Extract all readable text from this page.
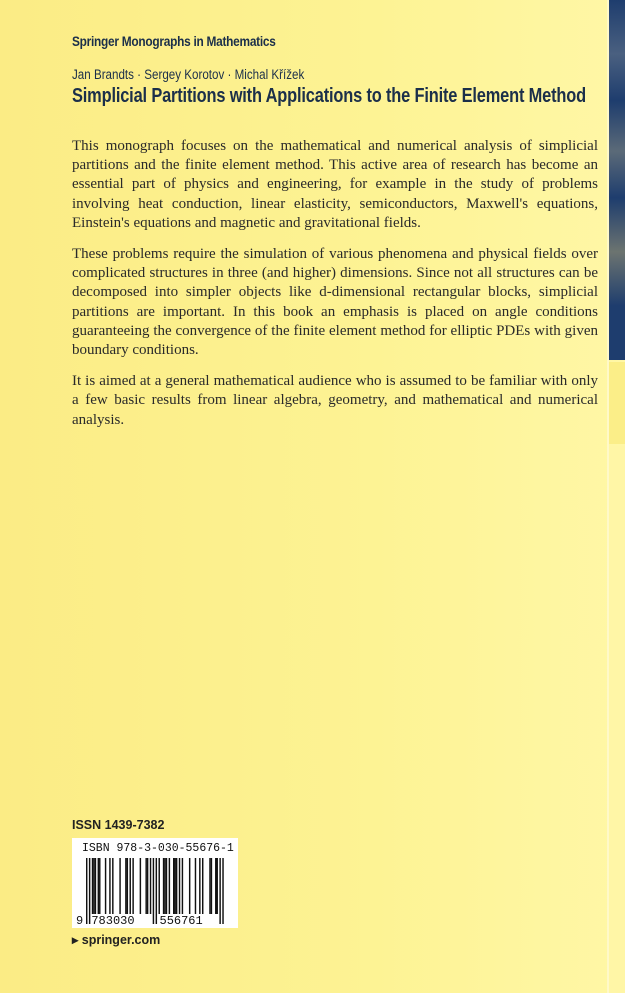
Springer Monographs in Mathematics
Jan Brandts · Sergey Korotov · Michal Křížek
Simplicial Partitions with Applications to the Finite Element Method

This monograph focuses on the mathematical and numerical analysis of simplicial partitions and the finite element method. This active area of research has become an essential part of physics and engineering, for example in the study of problems involving heat conduction, linear elasticity, semiconductors, Maxwell's equations, Einstein's equations and magnetic and gravitational fields.

These problems require the simulation of various phenomena and physical fields over complicated structures in three (and higher) dimensions. Since not all structures can be decomposed into simpler objects like d-dimensional rectangular blocks, simplicial partitions are important. In this book an emphasis is placed on angle conditions guaranteeing the convergence of the finite element method for elliptic PDEs with given boundary conditions.

It is aimed at a general mathematical audience who is assumed to be familiar with only a few basic results from linear algebra, geometry, and mathematical and numerical analysis.

ISSN 1439-7382
9 783030 556761
ISBN 978-3-030-55676-1
▸ springer.com
